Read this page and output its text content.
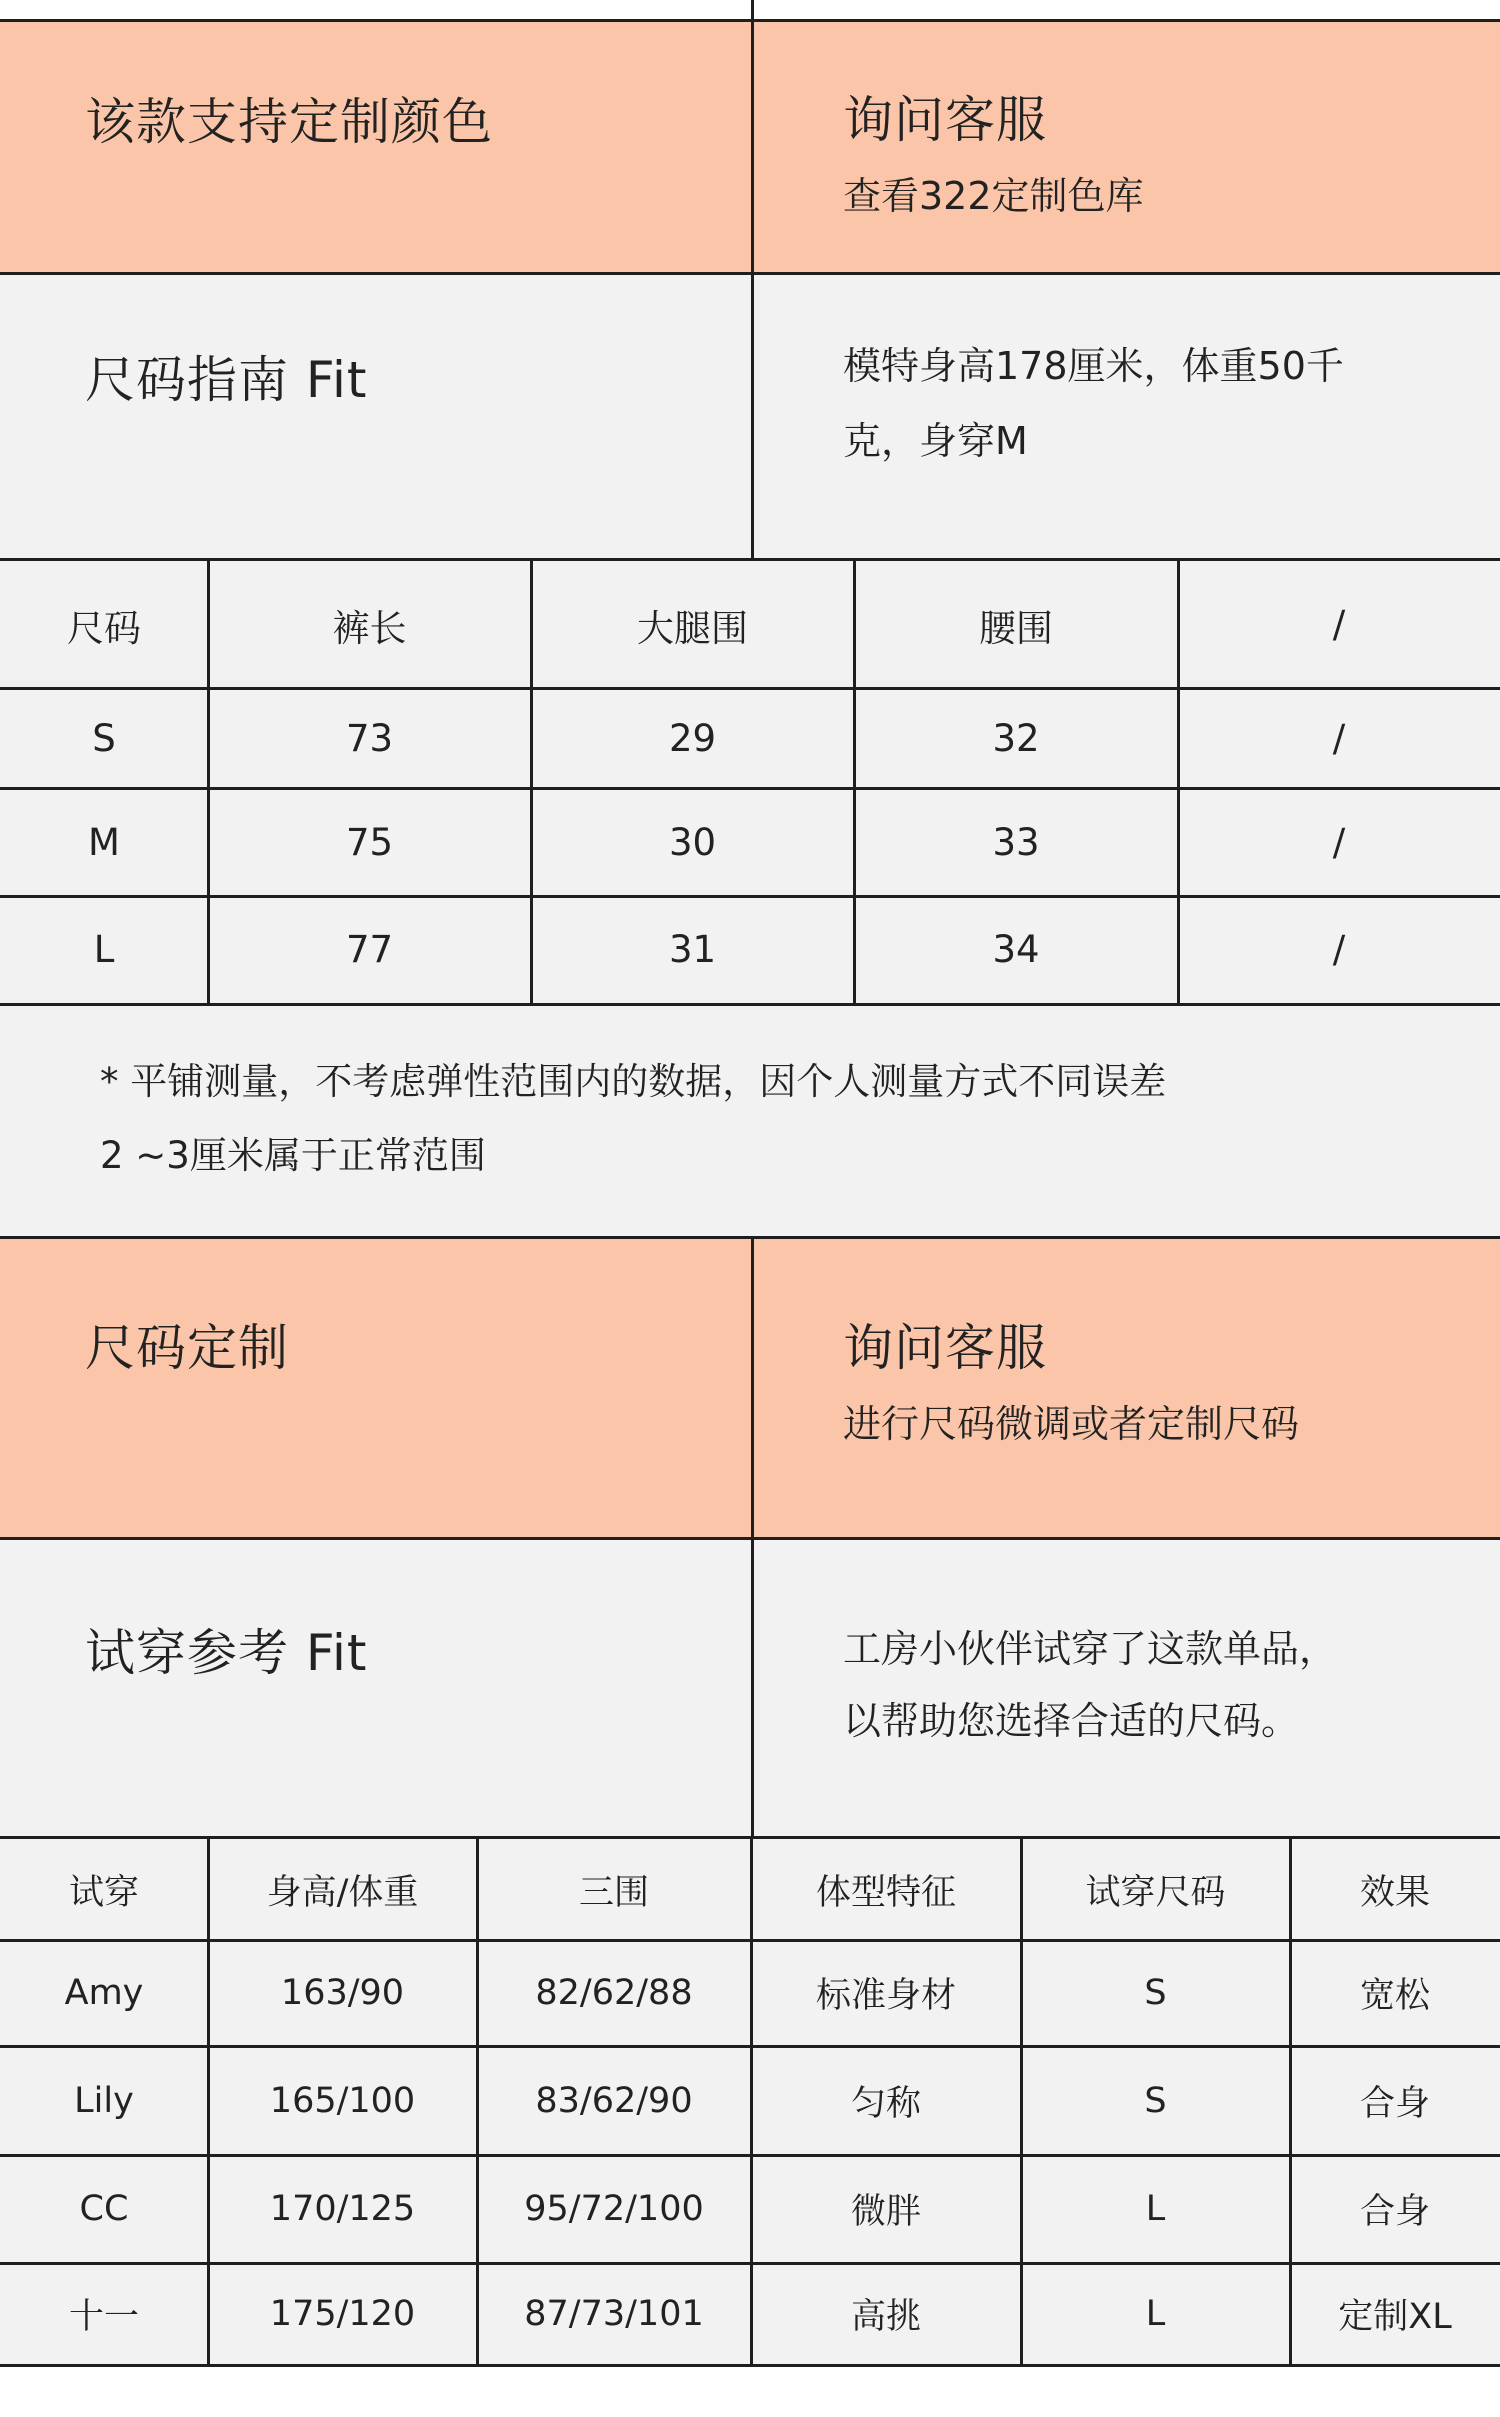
该款支持定制颜色	询问客服
查看322定制色库
尺码指南 Fit	模特身高178厘米，体重50千
克，身穿M
尺码	裤长	大腿围	腰围	/
S	73	29	32	/
M	75	30	33	/
L	77	31	34	/
* 平铺测量，不考虑弹性范围内的数据，因个人测量方式不同误差
2 ~3厘米属于正常范围
尺码定制	询问客服
进行尺码微调或者定制尺码
试穿参考 Fit	工房小伙伴试穿了这款单品，
以帮助您选择合适的尺码。
试穿	身高/体重	三围	体型特征	试穿尺码	效果
Amy	163/90	82/62/88	标准身材	S	宽松
Lily	165/100	83/62/90	匀称	S	合身
CC	170/125	95/72/100	微胖	L	合身
十一	175/120	87/73/101	高挑	L	定制XL
